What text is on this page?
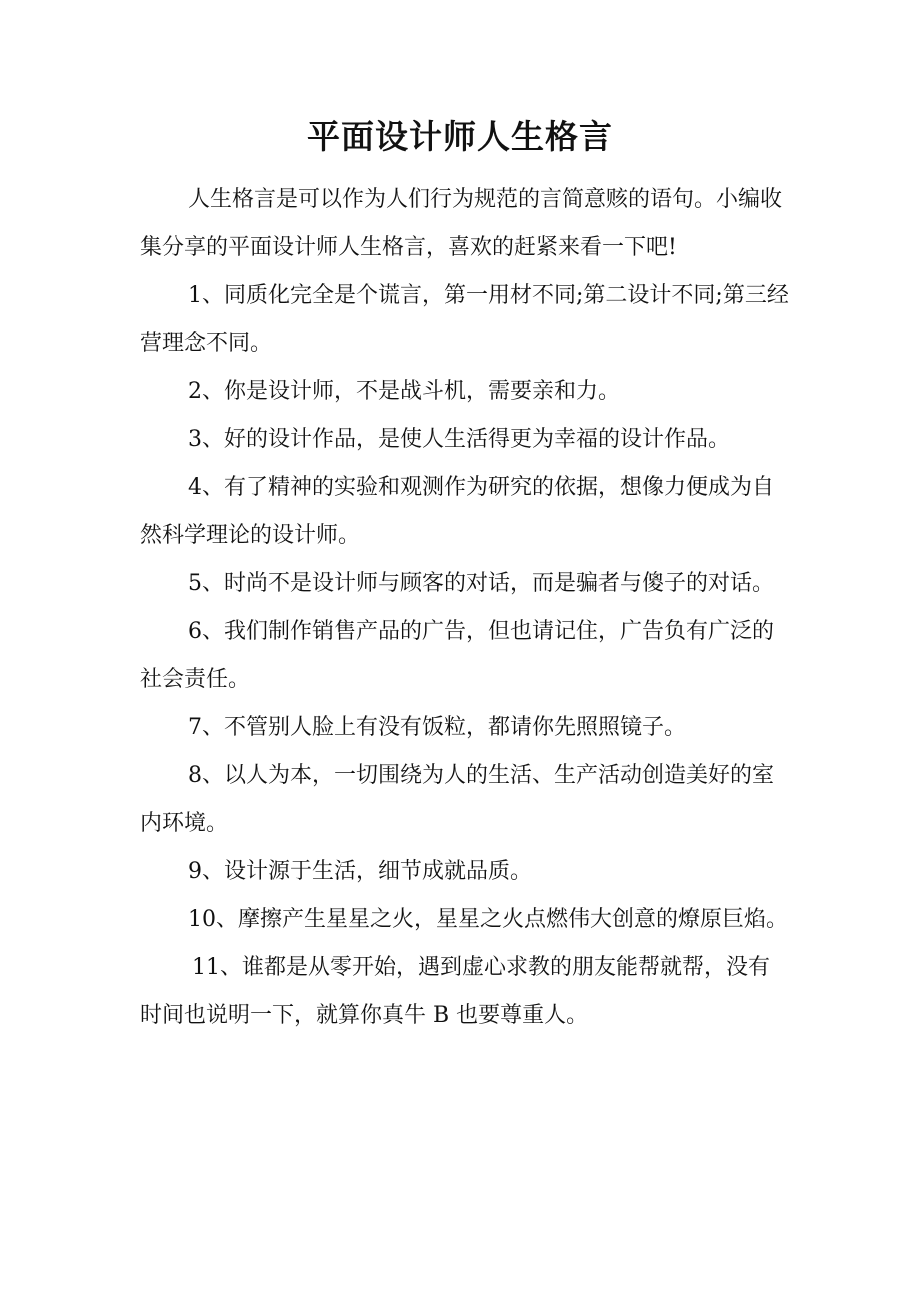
平面设计师人生格言

人生格言是可以作为人们行为规范的言简意赅的语句。小编收集分享的平面设计师人生格言，喜欢的赶紧来看一下吧!

1、同质化完全是个谎言，第一用材不同;第二设计不同;第三经营理念不同。

2、你是设计师，不是战斗机，需要亲和力。

3、好的设计作品，是使人生活得更为幸福的设计作品。

4、有了精神的实验和观测作为研究的依据，想像力便成为自然科学理论的设计师。

5、时尚不是设计师与顾客的对话，而是骗者与傻子的对话。

6、我们制作销售产品的广告，但也请记住，广告负有广泛的社会责任。

7、不管别人脸上有没有饭粒，都请你先照照镜子。

8、以人为本，一切围绕为人的生活、生产活动创造美好的室内环境。

9、设计源于生活，细节成就品质。

10、摩擦产生星星之火，星星之火点燃伟大创意的燎原巨焰。

11、谁都是从零开始，遇到虚心求教的朋友能帮就帮，没有时间也说明一下，就算你真牛 B 也要尊重人。
